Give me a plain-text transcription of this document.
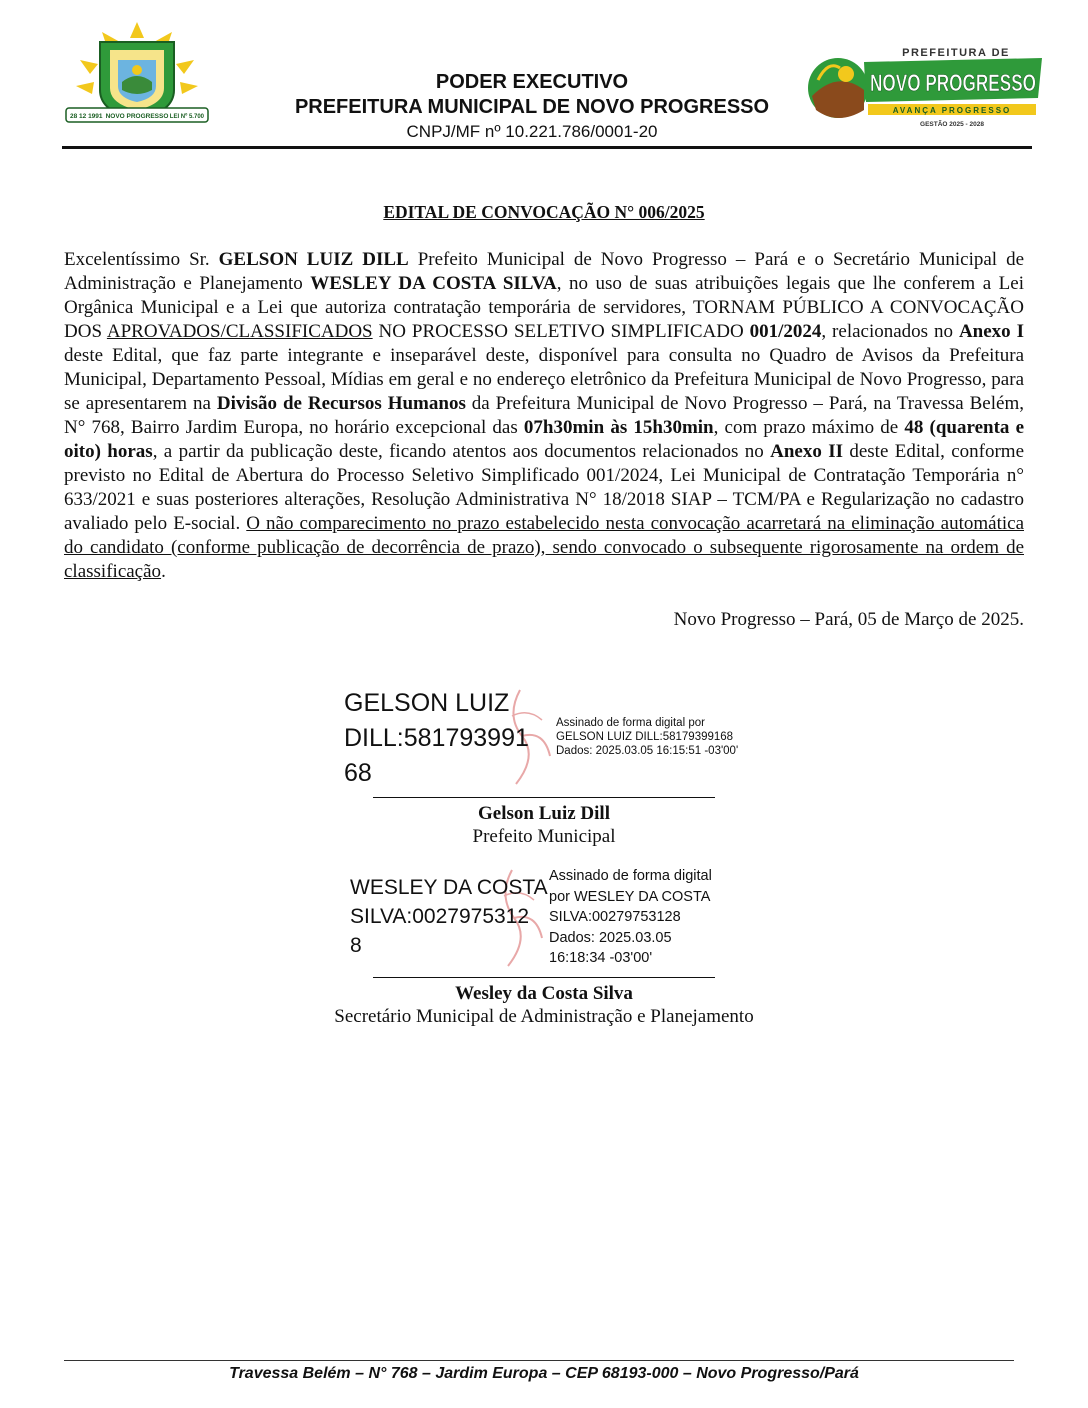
28 12 1991 NOVO PROGRESSO LEI Nº 5.700
PODER EXECUTIVO
PREFEITURA MUNICIPAL DE NOVO PROGRESSO
CNPJ/MF nº 10.221.786/0001-20
PREFEITURA DE
NOVO PROGRESSO
AVANÇA PROGRESSO
GESTÃO 2025 - 2028
EDITAL DE CONVOCAÇÃO N° 006/2025
Excelentíssimo Sr. GELSON LUIZ DILL Prefeito Municipal de Novo Progresso – Pará e o Secretário Municipal de Administração e Planejamento WESLEY DA COSTA SILVA, no uso de suas atribuições legais que lhe conferem a Lei Orgânica Municipal e a Lei que autoriza contratação temporária de servidores, TORNAM PÚBLICO A CONVOCAÇÃO DOS APROVADOS/CLASSIFICADOS NO PROCESSO SELETIVO SIMPLIFICADO 001/2024, relacionados no Anexo I deste Edital, que faz parte integrante e inseparável deste, disponível para consulta no Quadro de Avisos da Prefeitura Municipal, Departamento Pessoal, Mídias em geral e no endereço eletrônico da Prefeitura Municipal de Novo Progresso, para se apresentarem na Divisão de Recursos Humanos da Prefeitura Municipal de Novo Progresso – Pará, na Travessa Belém, N° 768, Bairro Jardim Europa, no horário excepcional das 07h30min às 15h30min, com prazo máximo de 48 (quarenta e oito) horas, a partir da publicação deste, ficando atentos aos documentos relacionados no Anexo II deste Edital, conforme previsto no Edital de Abertura do Processo Seletivo Simplificado 001/2024, Lei Municipal de Contratação Temporária n° 633/2021 e suas posteriores alterações, Resolução Administrativa N° 18/2018 SIAP – TCM/PA e Regularização no cadastro avaliado pelo E-social. O não comparecimento no prazo estabelecido nesta convocação acarretará na eliminação automática do candidato (conforme publicação de decorrência de prazo), sendo convocado o subsequente rigorosamente na ordem de classificação.
Novo Progresso – Pará, 05 de Março de 2025.
GELSON LUIZ
DILL:581793991
68
Assinado de forma digital por
GELSON LUIZ DILL:58179399168
Dados: 2025.03.05 16:15:51 -03'00'
Gelson Luiz Dill
Prefeito Municipal
WESLEY DA COSTA
SILVA:0027975312
8
Assinado de forma digital
por WESLEY DA COSTA
SILVA:00279753128
Dados: 2025.03.05
16:18:34 -03'00'
Wesley da Costa Silva
Secretário Municipal de Administração e Planejamento
Travessa Belém – N° 768 – Jardim Europa – CEP 68193-000 – Novo Progresso/Pará
